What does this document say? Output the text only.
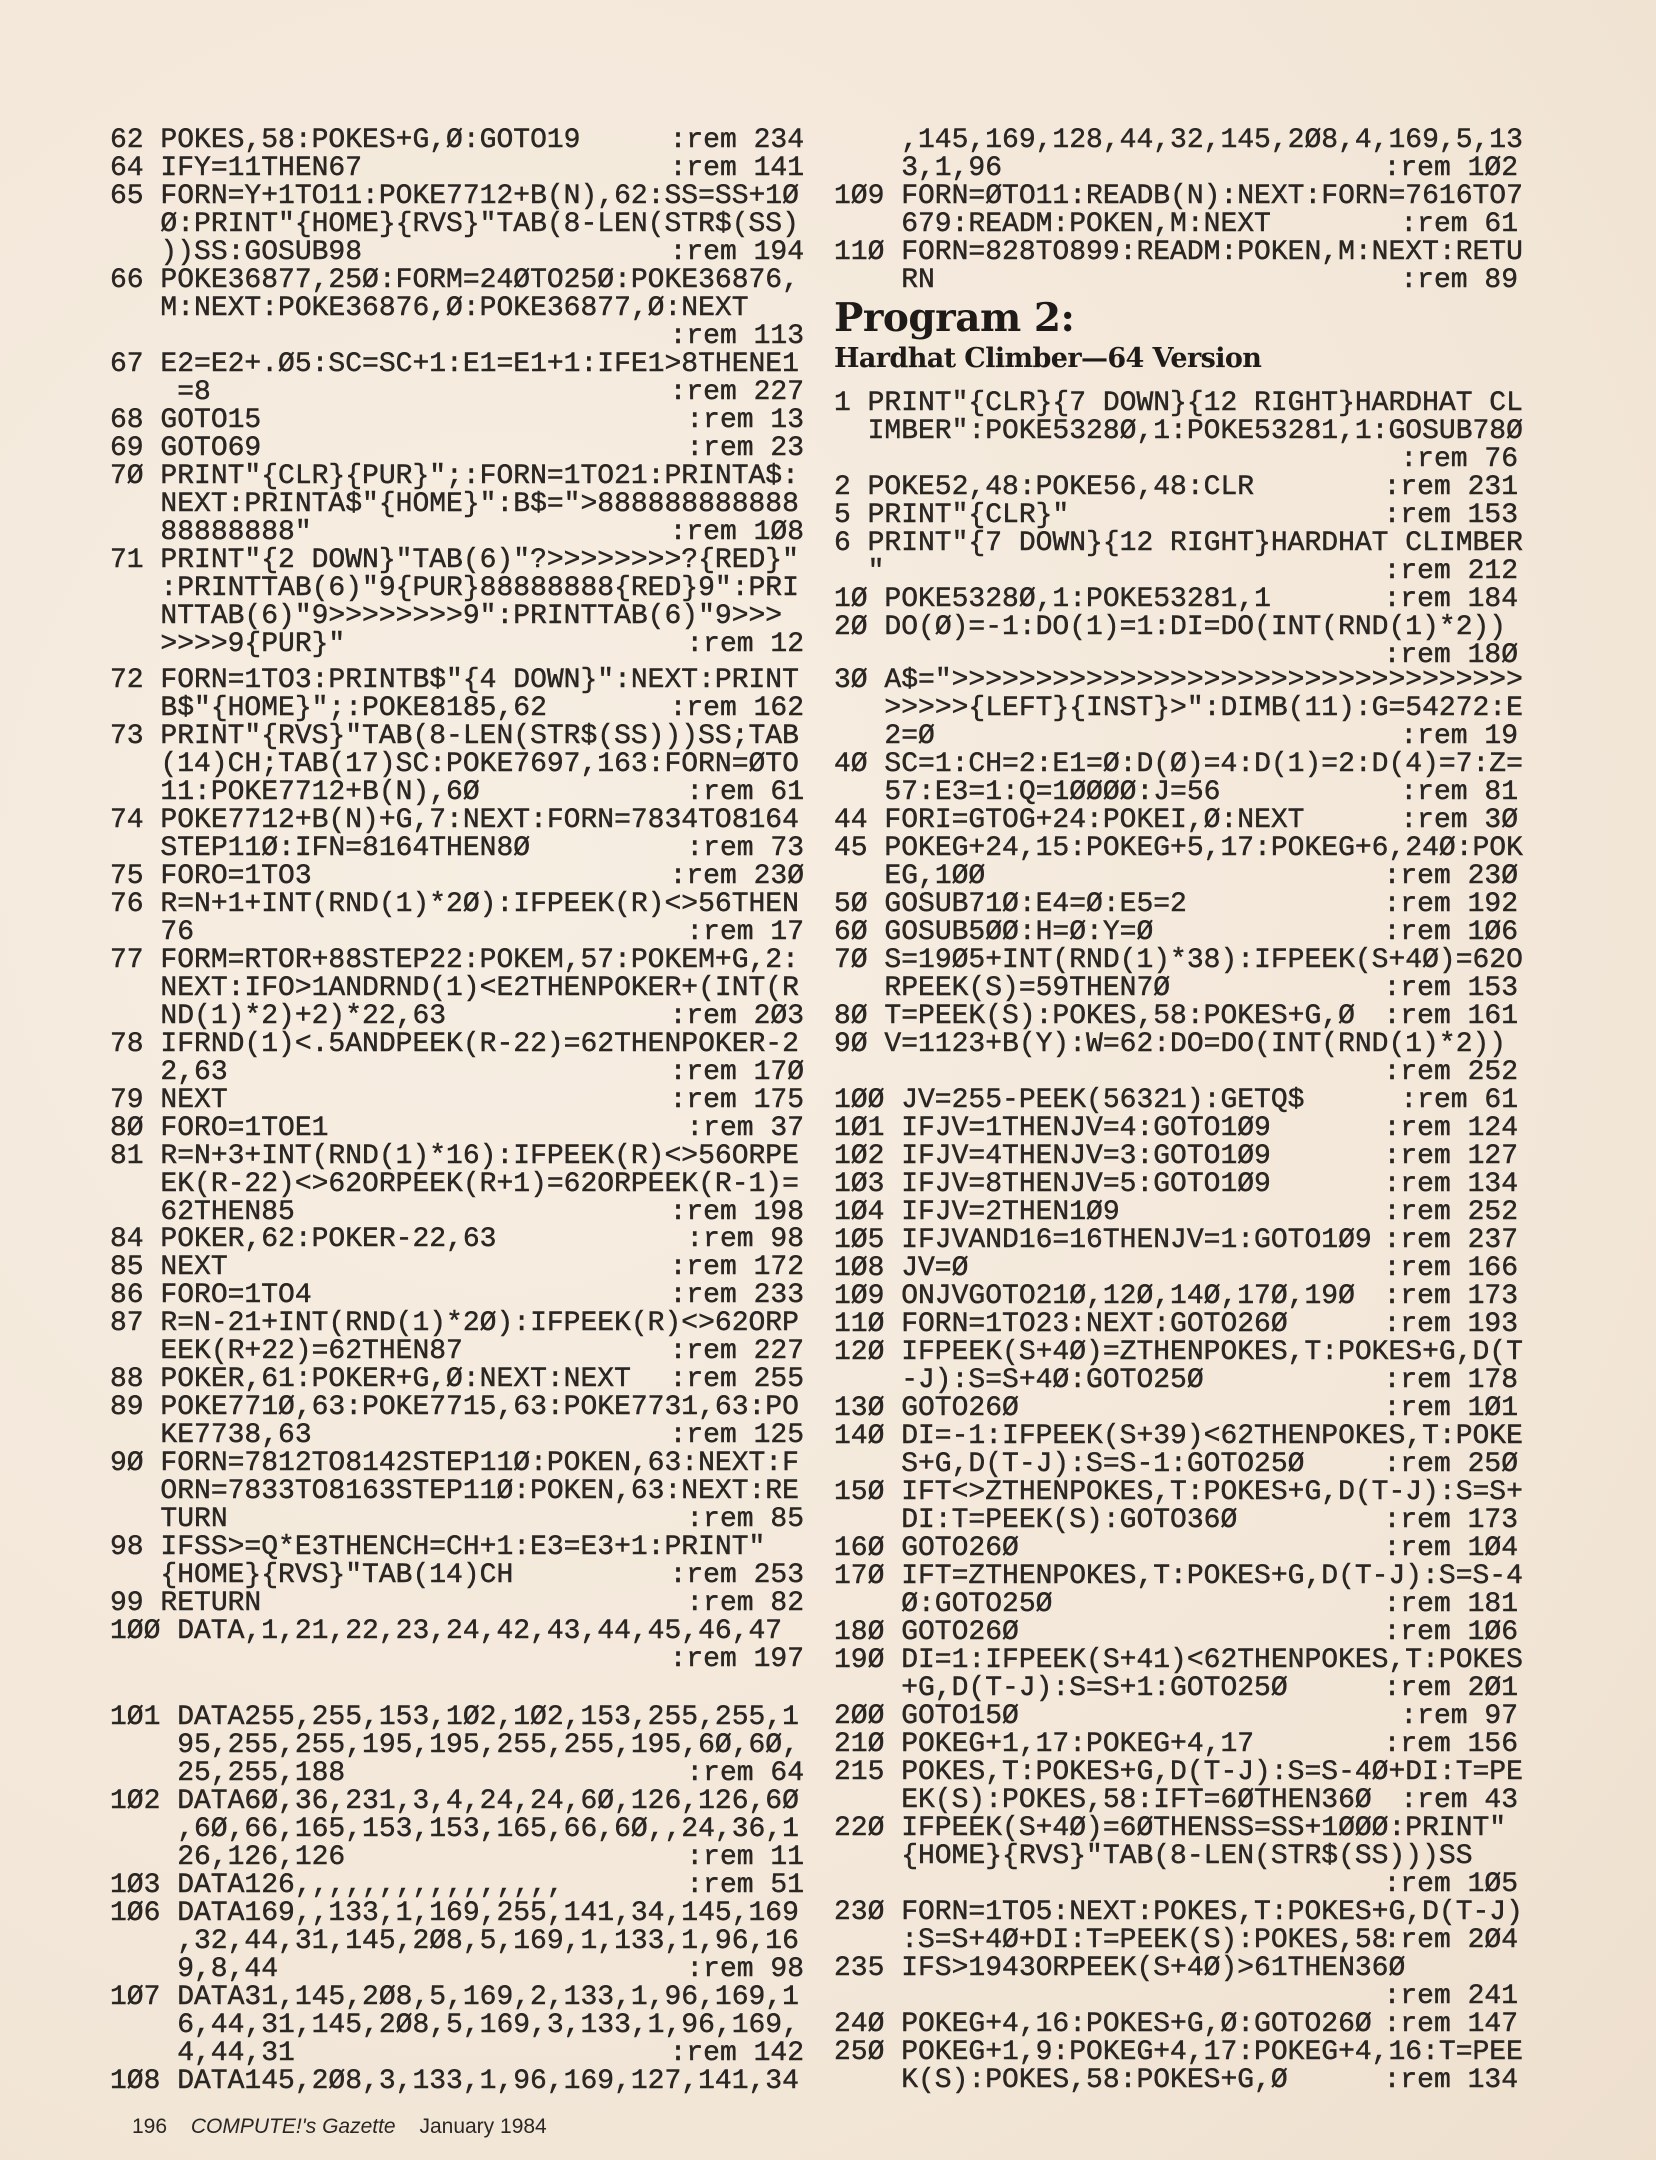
62 POKES,58:POKES+G,Ø:GOTO19	:rem 234
64 IFY=11THEN67	:rem 141
65 FORN=Y+1TO11:POKE7712+B(N),62:SS=SS+1Ø
Ø:PRINT"{HOME}{RVS}"TAB(8-LEN(STR$(SS)
))SS:GOSUB98	:rem 194
66 POKE36877,25Ø:FORM=24ØTO25Ø:POKE36876,
M:NEXT:POKE36876,Ø:POKE36877,Ø:NEXT
:rem 113
67 E2=E2+.Ø5:SC=SC+1:E1=E1+1:IFE1>8THENE1
=8	:rem 227
68 GOTO15	:rem 13
69 GOTO69	:rem 23
7Ø PRINT"{CLR}{PUR}";:FORN=1TO21:PRINTA$:
NEXT:PRINTA$"{HOME}":B$=">888888888888
88888888"	:rem 1Ø8
71 PRINT"{2 DOWN}"TAB(6)"?>>>>>>>>?{RED}"
:PRINTTAB(6)"9{PUR}88888888{RED}9":PRI
NTTAB(6)"9>>>>>>>>9":PRINTTAB(6)"9>>>
>>>>9{PUR}"	:rem 12
72 FORN=1TO3:PRINTB$"{4 DOWN}":NEXT:PRINT
B$"{HOME}";:POKE8185,62	:rem 162
73 PRINT"{RVS}"TAB(8-LEN(STR$(SS)))SS;TAB
(14)CH;TAB(17)SC:POKE7697,163:FORN=ØTO
11:POKE7712+B(N),6Ø	:rem 61
74 POKE7712+B(N)+G,7:NEXT:FORN=7834TO8164
STEP11Ø:IFN=8164THEN8Ø	:rem 73
75 FORO=1TO3	:rem 23Ø
76 R=N+1+INT(RND(1)*2Ø):IFPEEK(R)<>56THEN
76	:rem 17
77 FORM=RTOR+88STEP22:POKEM,57:POKEM+G,2:
NEXT:IFO>1ANDRND(1)<E2THENPOKER+(INT(R
ND(1)*2)+2)*22,63	:rem 2Ø3
78 IFRND(1)<.5ANDPEEK(R-22)=62THENPOKER-2
2,63	:rem 17Ø
79 NEXT	:rem 175
8Ø FORO=1TOE1	:rem 37
81 R=N+3+INT(RND(1)*16):IFPEEK(R)<>56ORPE
EK(R-22)<>62ORPEEK(R+1)=62ORPEEK(R-1)=
62THEN85	:rem 198
84 POKER,62:POKER-22,63	:rem 98
85 NEXT	:rem 172
86 FORO=1TO4	:rem 233
87 R=N-21+INT(RND(1)*2Ø):IFPEEK(R)<>62ORP
EEK(R+22)=62THEN87	:rem 227
88 POKER,61:POKER+G,Ø:NEXT:NEXT :rem 255
89 POKE771Ø,63:POKE7715,63:POKE7731,63:PO
KE7738,63	:rem 125
9Ø FORN=7812TO8142STEP11Ø:POKEN,63:NEXT:F
ORN=7833TO8163STEP11Ø:POKEN,63:NEXT:RE
TURN	:rem 85
98 IFSS>=Q*E3THENCH=CH+1:E3=E3+1:PRINT"
{HOME}{RVS}"TAB(14)CH	:rem 253
99 RETURN	:rem 82
1ØØ DATA,1,21,22,23,24,42,43,44,45,46,47
:rem 197
1Ø1 DATA255,255,153,1Ø2,1Ø2,153,255,255,1
95,255,255,195,195,255,255,195,6Ø,6Ø,
25,255,188	:rem 64
1Ø2 DATA6Ø,36,231,3,4,24,24,6Ø,126,126,6Ø
,6Ø,66,165,153,153,165,66,6Ø,,24,36,1
26,126,126	:rem 11
1Ø3 DATA126,,,,,,,,,,,,,,,,	:rem 51
1Ø6 DATA169,,133,1,169,255,141,34,145,169
,32,44,31,145,2Ø8,5,169,1,133,1,96,16
9,8,44	:rem 98
1Ø7 DATA31,145,2Ø8,5,169,2,133,1,96,169,1
6,44,31,145,2Ø8,5,169,3,133,1,96,169,
4,44,31	:rem 142
1Ø8 DATA145,2Ø8,3,133,1,96,169,127,141,34
,145,169,128,44,32,145,2Ø8,4,169,5,13
3,1,96	:rem 1Ø2
1Ø9 FORN=ØTO11:READB(N):NEXT:FORN=7616TO7
679:READM:POKEN,M:NEXT	:rem 61
11Ø FORN=828TO899:READM:POKEN,M:NEXT:RETU
RN	:rem 89
1 PRINT"{CLR}{7 DOWN}{12 RIGHT}HARDHAT CL
IMBER":POKE5328Ø,1:POKE53281,1:GOSUB78Ø
:rem 76
2 POKE52,48:POKE56,48:CLR	:rem 231
5 PRINT"{CLR}"	:rem 153
6 PRINT"{7 DOWN}{12 RIGHT}HARDHAT CLIMBER
"	:rem 212
1Ø POKE5328Ø,1:POKE53281,1	:rem 184
2Ø DO(Ø)=-1:DO(1)=1:DI=DO(INT(RND(1)*2))
:rem 18Ø
3Ø A$=">>>>>>>>>>>>>>>>>>>>>>>>>>>>>>>>>>
>>>>>{LEFT}{INST}>":DIMB(11):G=54272:E
2=Ø	:rem 19
4Ø SC=1:CH=2:E1=Ø:D(Ø)=4:D(1)=2:D(4)=7:Z=
57:E3=1:Q=1ØØØØ:J=56	:rem 81
44 FORI=GTOG+24:POKEI,Ø:NEXT	:rem 3Ø
45 POKEG+24,15:POKEG+5,17:POKEG+6,24Ø:POK
EG,1ØØ	:rem 23Ø
5Ø GOSUB71Ø:E4=Ø:E5=2	:rem 192
6Ø GOSUB5ØØ:H=Ø:Y=Ø	:rem 1Ø6
7Ø S=19Ø5+INT(RND(1)*38):IFPEEK(S+4Ø)=62O
RPEEK(S)=59THEN7Ø	:rem 153
8Ø T=PEEK(S):POKES,58:POKES+G,Ø :rem 161
9Ø V=1123+B(Y):W=62:DO=DO(INT(RND(1)*2))
:rem 252
1ØØ JV=255-PEEK(56321):GETQ$	:rem 61
1Ø1 IFJV=1THENJV=4:GOTO1Ø9	:rem 124
1Ø2 IFJV=4THENJV=3:GOTO1Ø9	:rem 127
1Ø3 IFJV=8THENJV=5:GOTO1Ø9	:rem 134
1Ø4 IFJV=2THEN1Ø9	:rem 252
1Ø5 IFJVAND16=16THENJV=1:GOTO1Ø9 :rem 237
1Ø8 JV=Ø	:rem 166
1Ø9 ONJVGOTO21Ø,12Ø,14Ø,17Ø,19Ø :rem 173
11Ø FORN=1TO23:NEXT:GOTO26Ø	:rem 193
12Ø IFPEEK(S+4Ø)=ZTHENPOKES,T:POKES+G,D(T
-J):S=S+4Ø:GOTO25Ø	:rem 178
13Ø GOTO26Ø	:rem 1Ø1
14Ø DI=-1:IFPEEK(S+39)<62THENPOKES,T:POKE
S+G,D(T-J):S=S-1:GOTO25Ø	:rem 25Ø
15Ø IFT<>ZTHENPOKES,T:POKES+G,D(T-J):S=S+
DI:T=PEEK(S):GOTO36Ø	:rem 173
16Ø GOTO26Ø	:rem 1Ø4
17Ø IFT=ZTHENPOKES,T:POKES+G,D(T-J):S=S-4
Ø:GOTO25Ø	:rem 181
18Ø GOTO26Ø	:rem 1Ø6
19Ø DI=1:IFPEEK(S+41)<62THENPOKES,T:POKES
+G,D(T-J):S=S+1:GOTO25Ø	:rem 2Ø1
2ØØ GOTO15Ø	:rem 97
21Ø POKEG+1,17:POKEG+4,17	:rem 156
215 POKES,T:POKES+G,D(T-J):S=S-4Ø+DI:T=PE
EK(S):POKES,58:IFT=6ØTHEN36Ø :rem 43
22Ø IFPEEK(S+4Ø)=6ØTHENSS=SS+1ØØØ:PRINT"
{HOME}{RVS}"TAB(8-LEN(STR$(SS)))SS
:rem 1Ø5
23Ø FORN=1TO5:NEXT:POKES,T:POKES+G,D(T-J)
:S=S+4Ø+DI:T=PEEK(S):POKES,58
:rem 2Ø4
235 IFS>1943ORPEEK(S+4Ø)>61THEN36Ø
:rem 241
24Ø POKEG+4,16:POKES+G,Ø:GOTO26Ø :rem 147
25Ø POKEG+1,9:POKEG+4,17:POKEG+4,16:T=PEE
K(S):POKES,58:POKES+G,Ø	:rem 134
Program 2:
Hardhat Climber—64 Version
196 COMPUTE!'s Gazette January 1984
